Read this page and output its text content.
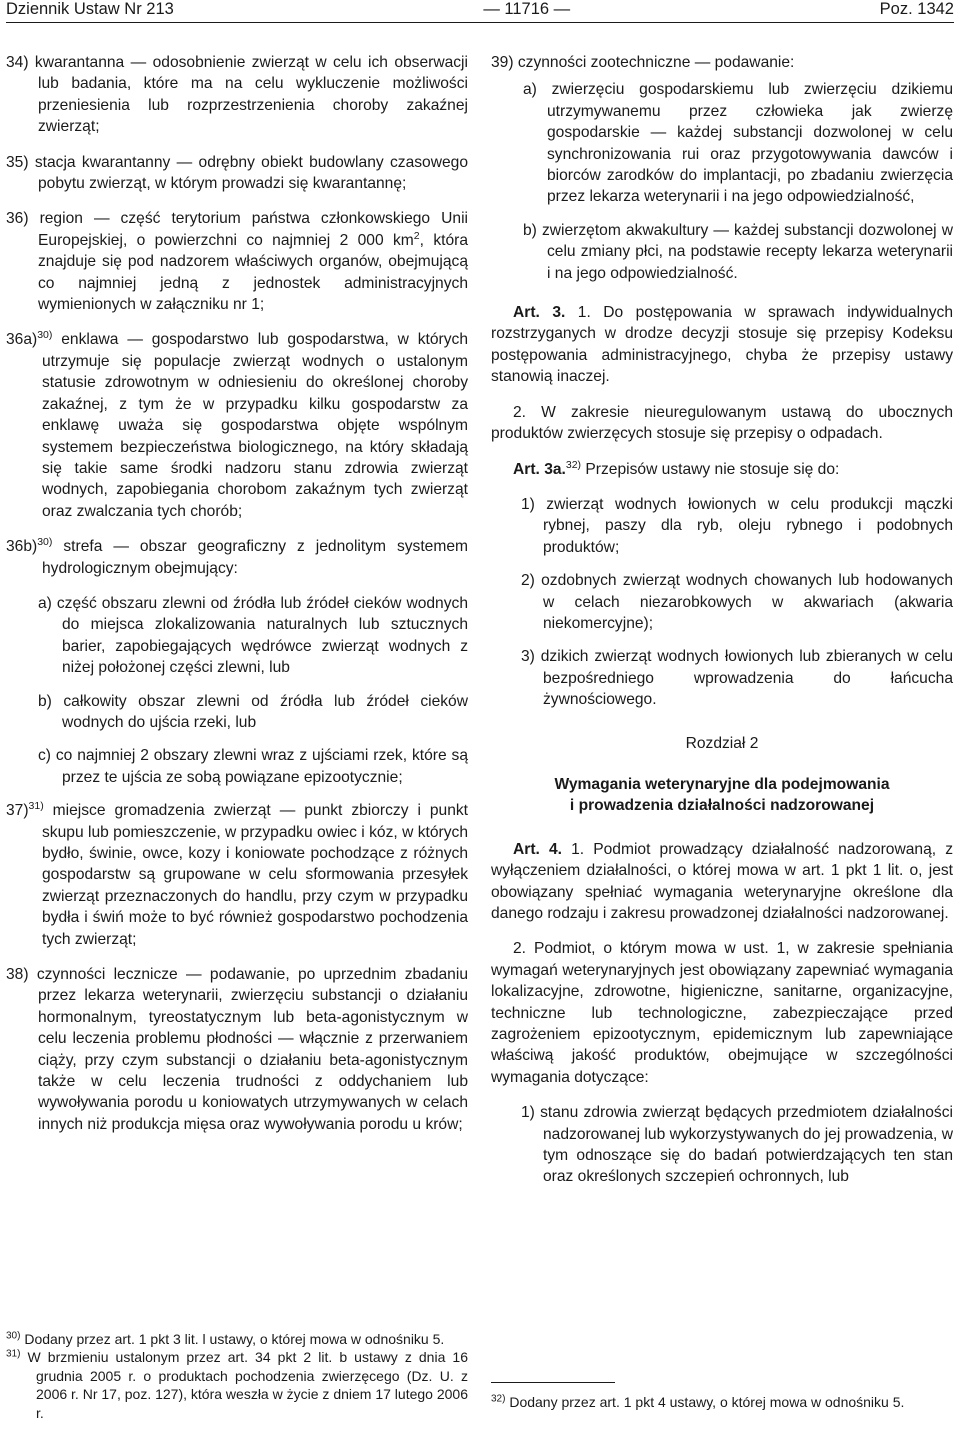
Dziennik Ustaw Nr 213	— 11716 —	Poz. 1342

34) kwarantanna — odosobnienie zwierząt w celu ich obserwacji lub badania, które ma na celu wykluczenie możliwości przeniesienia lub rozprzestrzenienia choroby zakaźnej zwierząt;

35) stacja kwarantanny — odrębny obiekt budowlany czasowego pobytu zwierząt, w którym prowadzi się kwarantannę;

36) region — część terytorium państwa członkowskiego Unii Europejskiej, o powierzchni co najmniej 2 000 $km^2$, która znajduje się pod nadzorem właściwych organów, obejmującą co najmniej jedną z jednostek administracyjnych wymienionych w załączniku nr 1;

36a)$^{30)}$ enklawa — gospodarstwo lub gospodarstwa, w których utrzymuje się populacje zwierząt wodnych o ustalonym statusie zdrowotnym w odniesieniu do określonej choroby zakaźnej, z tym że w przypadku kilku gospodarstw za enklawę uważa się gospodarstwa objęte wspólnym systemem bezpieczeństwa biologicznego, na który składają się takie same środki nadzoru stanu zdrowia zwierząt wodnych, zapobiegania chorobom zakaźnym tych zwierząt oraz zwalczania tych chorób;

36b)$^{30)}$ strefa — obszar geograficzny z jednolitym systemem hydrologicznym obejmujący:

a) część obszaru zlewni od źródła lub źródeł cieków wodnych do miejsca zlokalizowania naturalnych lub sztucznych barier, zapobiegających wędrówce zwierząt wodnych z niżej położonej części zlewni, lub

b) całkowity obszar zlewni od źródła lub źródeł cieków wodnych do ujścia rzeki, lub

c) co najmniej 2 obszary zlewni wraz z ujściami rzek, które są przez te ujścia ze sobą powiązane epizootycznie;

37)$^{31)}$ miejsce gromadzenia zwierząt — punkt zbiorczy i punkt skupu lub pomieszczenie, w przypadku owiec i kóz, w których bydło, świnie, owce, kozy i koniowate pochodzące z różnych gospodarstw są grupowane w celu sformowania przesyłek zwierząt przeznaczonych do handlu, przy czym w przypadku bydła i świń może to być również gospodarstwo pochodzenia tych zwierząt;

38) czynności lecznicze — podawanie, po uprzednim zbadaniu przez lekarza weterynarii, zwierzęciu substancji o działaniu hormonalnym, tyreostatycznym lub beta-agonistycznym w celu leczenia problemu płodności — włącznie z przerwaniem ciąży, przy czym substancji o działaniu beta-agonistycznym także w celu leczenia trudności z oddychaniem lub wywoływania porodu u koniowatych utrzymywanych w celach innych niż produkcja mięsa oraz wywoływania porodu u krów;

$^{30)}$ Dodany przez art. 1 pkt 3 lit. l ustawy, o której mowa w odnośniku 5.

$^{31)}$ W brzmieniu ustalonym przez art. 34 pkt 2 lit. b ustawy z dnia 16 grudnia 2005 r. o produktach pochodzenia zwierzęcego (Dz. U. z 2006 r. Nr 17, poz. 127), która weszła w życie z dniem 17 lutego 2006 r.

39) czynności zootechniczne — podawanie:

a) zwierzęciu gospodarskiemu lub zwierzęciu dzikiemu utrzymywanemu przez człowieka jak zwierzę gospodarskie — każdej substancji dozwolonej w celu synchronizowania rui oraz przygotowywania dawców i biorców zarodków do implantacji, po zbadaniu zwierzęcia przez lekarza weterynarii i na jego odpowiedzialność,

b) zwierzętom akwakultury — każdej substancji dozwolonej w celu zmiany płci, na podstawie recepty lekarza weterynarii i na jego odpowiedzialność.

Art. 3. 1. Do postępowania w sprawach indywidualnych rozstrzyganych w drodze decyzji stosuje się przepisy Kodeksu postępowania administracyjnego, chyba że przepisy ustawy stanowią inaczej.

2. W zakresie nieuregulowanym ustawą do ubocznych produktów zwierzęcych stosuje się przepisy o odpadach.

Art. 3a.$^{32)}$ Przepisów ustawy nie stosuje się do:

1) zwierząt wodnych łowionych w celu produkcji mączki rybnej, paszy dla ryb, oleju rybnego i podobnych produktów;

2) ozdobnych zwierząt wodnych chowanych lub hodowanych w celach niezarobkowych w akwariach (akwaria niekomercyjne);

3) dzikich zwierząt wodnych łowionych lub zbieranych w celu bezpośredniego wprowadzenia do łańcucha żywnościowego.

Rozdział 2

Wymagania weterynaryjne dla podejmowania

i prowadzenia działalności nadzorowanej

Art. 4. 1. Podmiot prowadzący działalność nadzorowaną, z wyłączeniem działalności, o której mowa w art. 1 pkt 1 lit. o, jest obowiązany spełniać wymagania weterynaryjne określone dla danego rodzaju i zakresu prowadzonej działalności nadzorowanej.

2. Podmiot, o którym mowa w ust. 1, w zakresie spełniania wymagań weterynaryjnych jest obowiązany zapewniać wymagania lokalizacyjne, zdrowotne, higieniczne, sanitarne, organizacyjne, techniczne lub technologiczne, zabezpieczające przed zagrożeniem epizootycznym, epidemicznym lub zapewniające właściwą jakość produktów, obejmujące w szczególności wymagania dotyczące:

1) stanu zdrowia zwierząt będących przedmiotem działalności nadzorowanej lub wykorzystywanych do jej prowadzenia, w tym odnoszące się do badań potwierdzających ten stan oraz określonych szczepień ochronnych, lub

$^{32)}$ Dodany przez art. 1 pkt 4 ustawy, o której mowa w odnośniku 5.
